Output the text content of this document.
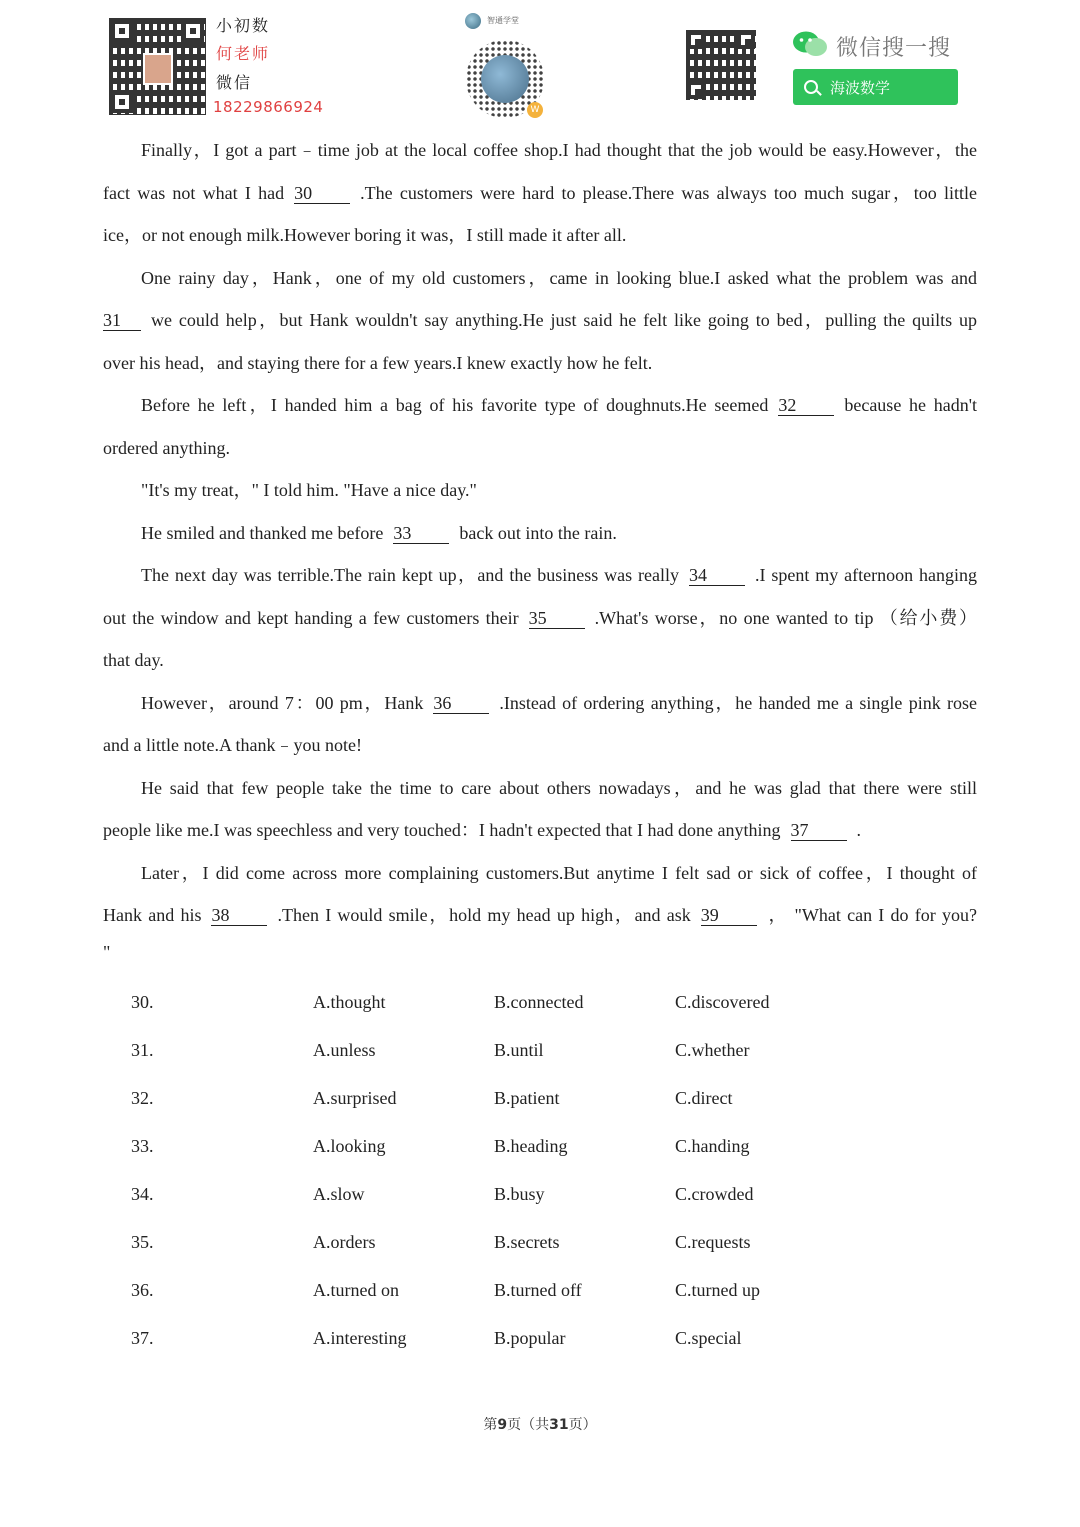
小初数
何老师
微信
18229866924
智通学堂
W
微信搜一搜
海波数学
Finally，I got a part﹣time job at the local coffee shop.I had thought that the job would be easy.However，the
fact was not what I had 30	.The customers were hard to please.There was always too much sugar，too little
ice，or not enough milk.However boring it was，I still made it after all.
One rainy day，Hank，one of my old customers，came in looking blue.I asked what the problem was and
31 we could help，but Hank wouldn't say anything.He just said he felt like going to bed，pulling the quilts up
over his head，and staying there for a few years.I knew exactly how he felt.
Before he left，I handed him a bag of his favorite type of doughnuts.He seemed 32	because he hadn't
ordered anything.
"It's my treat，" I told him. "Have a nice day."
He smiled and thanked me before 33	back out into the rain.
The next day was terrible.The rain kept up，and the business was really 34	.I spent my afternoon hanging
out the window and kept handing a few customers their 35	.What's worse，no one wanted to tip （给小费）
that day.
However，around 7：00 pm，Hank 36	.Instead of ordering anything，he handed me a single pink rose
and a little note.A thank﹣you note!
He said that few people take the time to care about others nowadays，and he was glad that there were still
people like me.I was speechless and very touched：I hadn't expected that I had done anything 37	.
Later，I did come across more complaining customers.But anytime I felt sad or sick of coffee，I thought of
Hank and his 38	.Then I would smile，hold my head up high，and ask 39	， "What can I do for you?
"
30.	A.thought	B.connected	C.discovered
31.	A.unless	B.until	C.whether
32.	A.surprised	B.patient	C.direct
33.	A.looking	B.heading	C.handing
34.	A.slow	B.busy	C.crowded
35.	A.orders	B.secrets	C.requests
36.	A.turned on	B.turned off	C.turned up
37.	A.interesting	B.popular	C.special
第9页（共31页）
